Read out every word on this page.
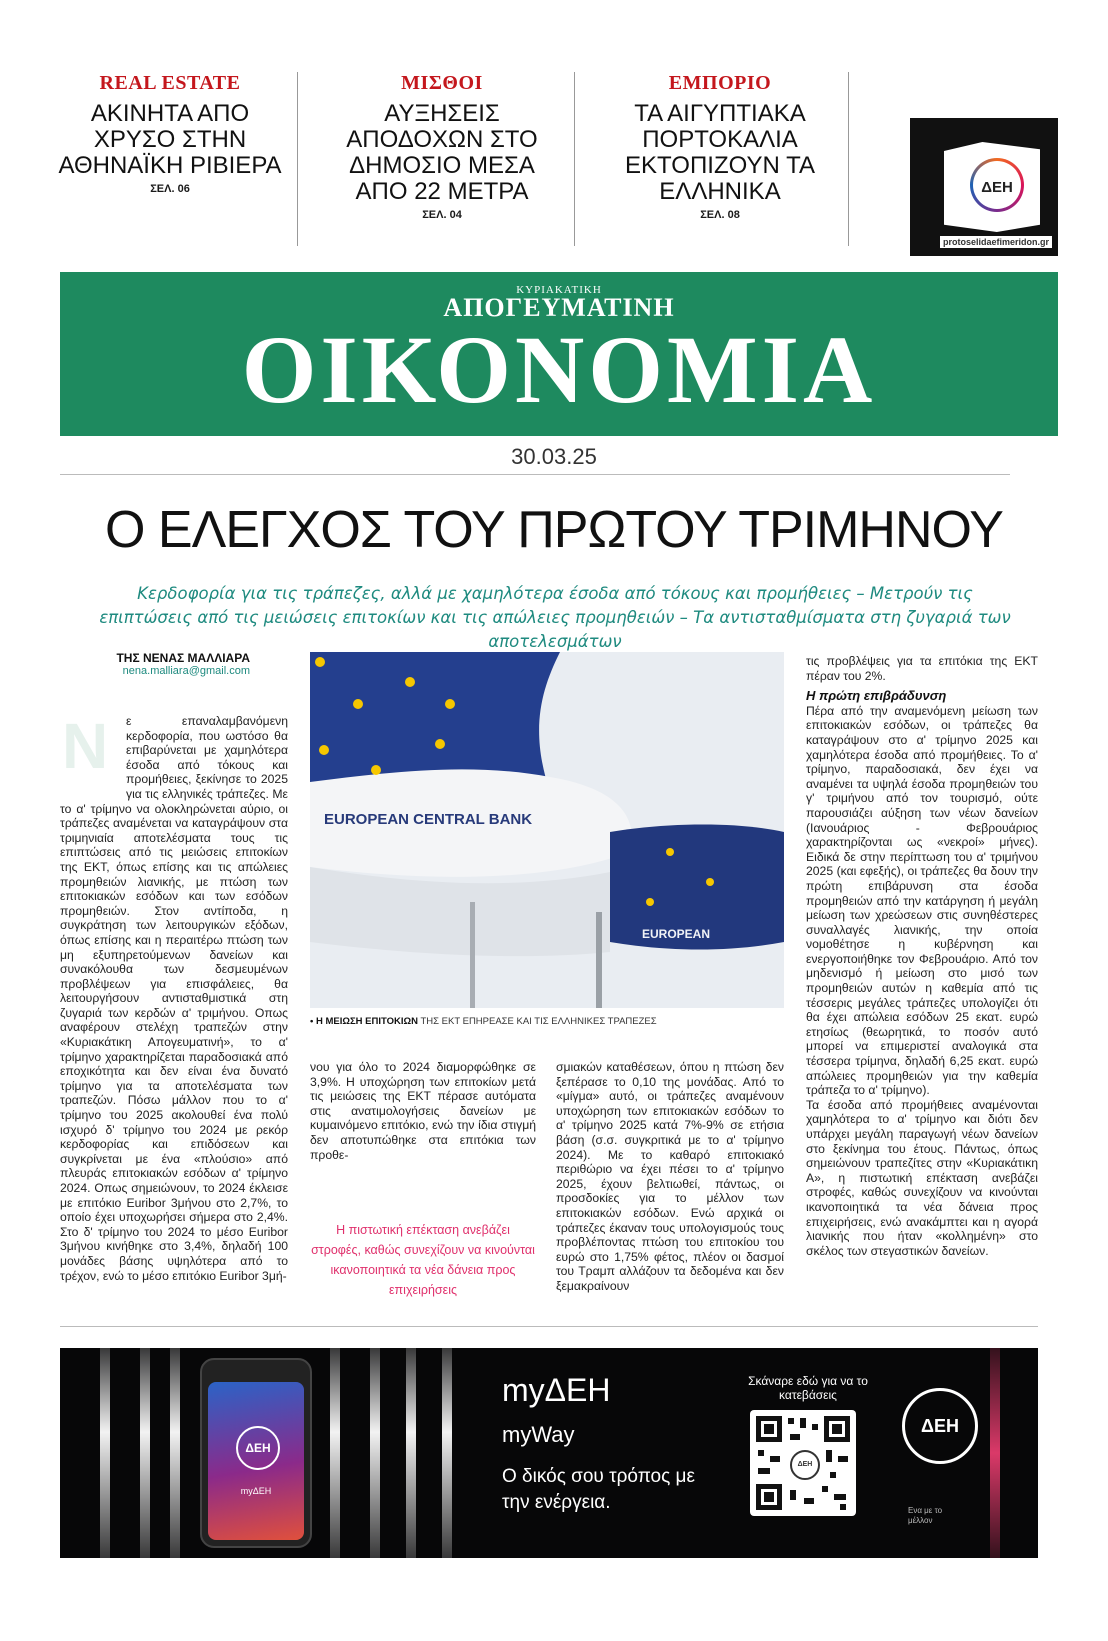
REAL ESTATE
ΑΚΙΝΗΤΑ ΑΠΟ ΧΡΥΣΟ ΣΤΗΝ ΑΘΗΝΑΪΚΗ ΡΙΒΙΕΡΑ
ΣΕΛ. 06
ΜΙΣΘΟΙ
ΑΥΞΗΣΕΙΣ ΑΠΟΔΟΧΩΝ ΣΤΟ ΔΗΜΟΣΙΟ ΜΕΣΑ ΑΠΟ 22 ΜΕΤΡΑ
ΣΕΛ. 04
ΕΜΠΟΡΙΟ
ΤΑ ΑΙΓΥΠΤΙΑΚΑ ΠΟΡΤΟΚΑΛΙΑ ΕΚΤΟΠΙΖΟΥΝ ΤΑ ΕΛΛΗΝΙΚΑ
ΣΕΛ. 08
ΔΕΗ
protoselidaefimeridon.gr
ΚΥΡΙΑΚΑΤΙΚΗ
ΑΠΟΓΕΥΜΑΤΙΝΗ
ΟΙΚΟΝΟΜΙΑ
30.03.25
Ο ΕΛΕΓΧΟΣ ΤΟΥ ΠΡΩΤΟΥ ΤΡΙΜΗΝΟΥ
Κερδοφορία για τις τράπεζες, αλλά με χαμηλότερα έσοδα από τόκους και προμήθειες – Μετρούν τις επιπτώσεις από τις μειώσεις επιτοκίων και τις απώλειες προμηθειών – Τα αντισταθμίσματα στη ζυγαριά των αποτελεσμάτων
ΤΗΣ ΝΕΝΑΣ ΜΑΛΛΙΑΡΑ
nena.malliara@gmail.com
Ν	ε επαναλαμβανόμενη κερδοφορία, που ωστόσο θα επιβαρύνεται με χαμηλότερα έσοδα από τόκους και προμήθειες, ξεκίνησε το 2025 για τις ελληνικές τράπεζες. Με το α' τρίμηνο να ολοκληρώνεται αύριο, οι τράπεζες αναμένεται να καταγράψουν στα τριμηνιαία αποτελέσματα τους τις επιπτώσεις από τις μειώσεις επιτοκίων της ΕΚΤ, όπως επίσης και τις απώλειες προμηθειών λιανικής, με πτώση των επιτοκιακών εσόδων και των εσόδων προμηθειών. Στον αντίποδα, η συγκράτηση των λειτουργικών εξόδων, όπως επίσης και η περαιτέρω πτώση των μη εξυπηρετούμενων δανείων και συνακόλουθα των δεσμευμένων προβλέψεων για επισφάλειες, θα λειτουργήσουν αντισταθμιστικά στη ζυγαριά των κερδών α' τριμήνου. Οπως αναφέρουν στελέχη τραπεζών στην «Κυριακάτικη Απογευματινή», το α' τρίμηνο χαρακτηρίζεται παραδοσιακά από εποχικότητα και δεν είναι ένα δυνατό τρίμηνο για τα αποτελέσματα των τραπεζών. Πόσω μάλλον που το α' τρίμηνο του 2025 ακολουθεί ένα πολύ ισχυρό δ' τρίμηνο του 2024 με ρεκόρ κερδοφορίας και επιδόσεων και συγκρίνεται με ένα «πλούσιο» από πλευράς επιτοκιακών εσόδων α' τρίμηνο 2024. Οπως σημειώνουν, το 2024 έκλεισε με επιτόκιο Euribor 3μήνου στο 2,7%, το οποίο έχει υποχωρήσει σήμερα στο 2,4%. Στο δ' τρίμηνο του 2024 το μέσο Euribor 3μήνου κινήθηκε στο 3,4%, δηλαδή 100 μονάδες βάσης υψηλότερα από το τρέχον, ενώ το μέσο επιτόκιο Euribor 3μή-

EUROPEAN CENTRAL BANK
EUROPEAN
• Η ΜΕΙΩΣΗ ΕΠΙΤΟΚΙΩΝ ΤΗΣ ΕΚΤ ΕΠΗΡΕΑΣΕ ΚΑΙ ΤΙΣ ΕΛΛΗΝΙΚΕΣ ΤΡΑΠΕΖΕΣ

νου για όλο το 2024 διαμορφώθηκε σε 3,9%. Η υποχώρηση των επιτοκίων μετά τις μειώσεις της ΕΚΤ πέρασε αυτόματα στις ανατιμολογήσεις δανείων με κυμαινόμενο επιτόκιο, ενώ την ίδια στιγμή δεν αποτυπώθηκε στα επιτόκια των προθε-

Η πιστωτική επέκταση ανεβάζει στροφές, καθώς συνεχίζουν να κινούνται ικανοποιητικά τα νέα δάνεια προς επιχειρήσεις

σμιακών καταθέσεων, όπου η πτώση δεν ξεπέρασε το 0,10 της μονάδας. Από το «μίγμα» αυτό, οι τράπεζες αναμένουν υποχώρηση των επιτοκιακών εσόδων το α' τρίμηνο 2025 κατά 7%-9% σε ετήσια βάση (σ.σ. συγκριτικά με το α' τρίμηνο 2024). Με το καθαρό επιτοκιακό περιθώριο να έχει πέσει το α' τρίμηνο 2025, έχουν βελτιωθεί, πάντως, οι προσδοκίες για το μέλλον των επιτοκιακών εσόδων. Ενώ αρχικά οι τράπεζες έκαναν τους υπολογισμούς τους προβλέποντας πτώση του επιτοκίου του ευρώ στο 1,75% φέτος, πλέον οι δασμοί του Τραμπ αλλάζουν τα δεδομένα και δεν ξεμακραίνουν

τις προβλέψεις για τα επιτόκια της ΕΚΤ πέραν του 2%.

Η πρώτη επιβράδυνση

Πέρα από την αναμενόμενη μείωση των επιτοκιακών εσόδων, οι τράπεζες θα καταγράψουν στο α' τρίμηνο 2025 και χαμηλότερα έσοδα από προμήθειες. Το α' τρίμηνο, παραδοσιακά, δεν έχει να αναμένει τα υψηλά έσοδα προμηθειών του γ' τριμήνου από τον τουρισμό, ούτε παρουσιάζει αύξηση των νέων δανείων (Ιανουάριος - Φεβρουάριος χαρακτηρίζονται ως «νεκροί» μήνες). Ειδικά δε στην περίπτωση του α' τριμήνου 2025 (και εφεξής), οι τράπεζες θα δουν την πρώτη επιβάρυνση στα έσοδα προμηθειών από την κατάργηση ή μεγάλη μείωση των χρεώσεων στις συνηθέστερες συναλλαγές λιανικής, την οποία νομοθέτησε η κυβέρνηση και ενεργοποιήθηκε τον Φεβρουάριο. Από τον μηδενισμό ή μείωση στο μισό των προμηθειών αυτών η καθεμία από τις τέσσερις μεγάλες τράπεζες υπολογίζει ότι θα έχει απώλεια εσόδων 25 εκατ. ευρώ ετησίως (θεωρητικά, το ποσόν αυτό μπορεί να επιμεριστεί αναλογικά στα τέσσερα τρίμηνα, δηλαδή 6,25 εκατ. ευρώ απώλειες προμηθειών για την καθεμία τράπεζα το α' τρίμηνο).

Τα έσοδα από προμήθειες αναμένονται χαμηλότερα το α' τρίμηνο και διότι δεν υπάρχει μεγάλη παραγωγή νέων δανείων στο ξεκίνημα του έτους. Πάντως, όπως σημειώνουν τραπεζίτες στην «Κυριακάτικη Α», η πιστωτική επέκταση ανεβάζει στροφές, καθώς συνεχίζουν να κινούνται ικανοποιητικά τα νέα δάνεια προς επιχειρήσεις, ενώ ανακάμπτει και η αγορά λιανικής που ήταν «κολλημένη» στο σκέλος των στεγαστικών δανείων.

ΔΕΗ
myΔΕΗ
myΔΕΗ
myWay
Ο δικός σου τρόπος με την ενέργεια.
Σκάναρε εδώ για να το κατεβάσεις
ΔΕΗ
ΔΕΗ
Ενα με το μέλλον
